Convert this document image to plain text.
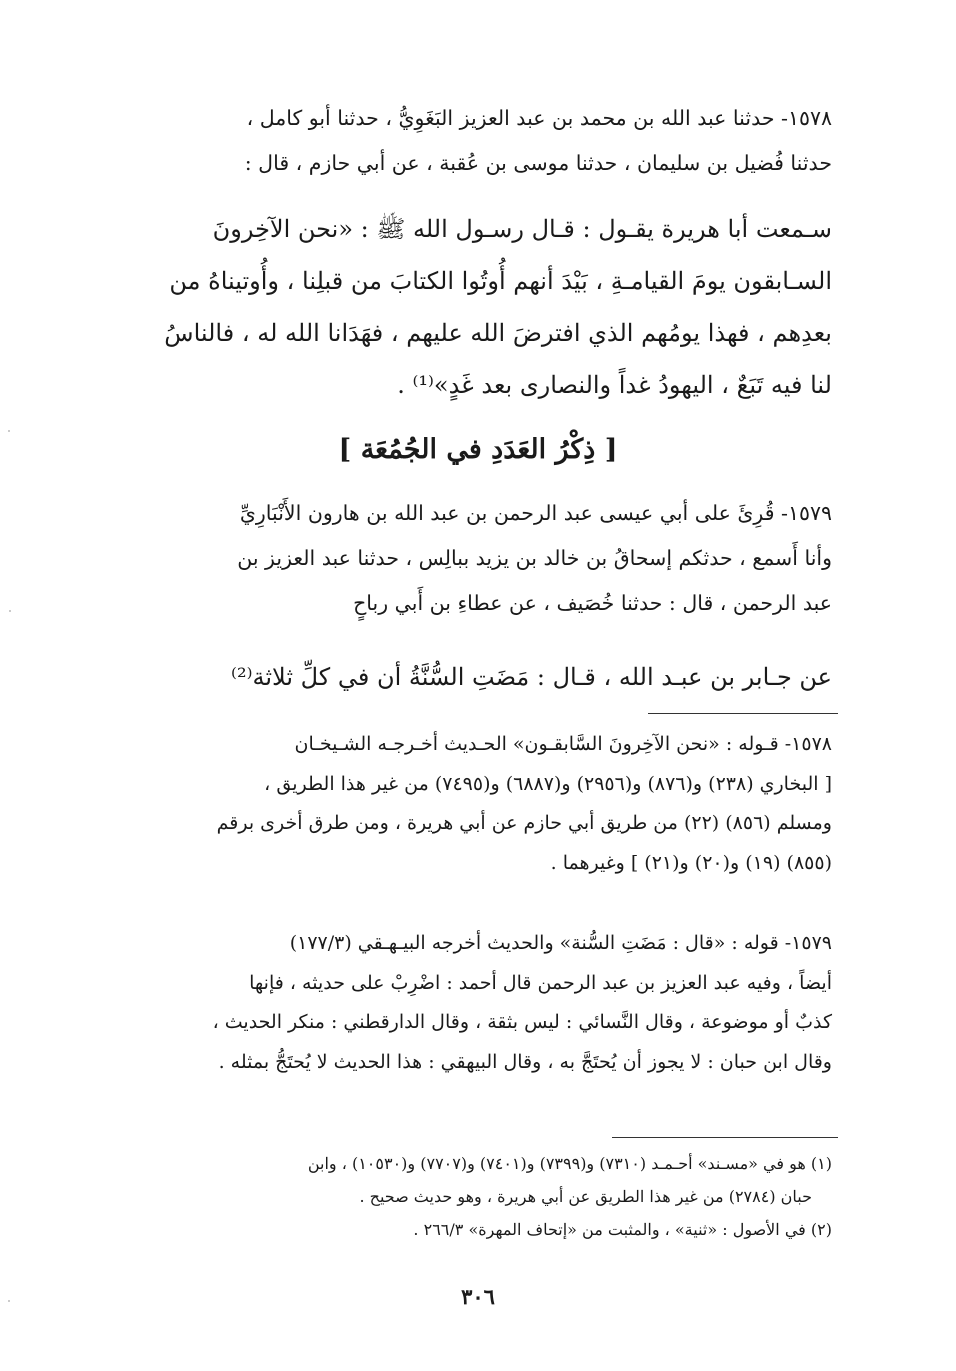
١٥٧٨- حدثنا عبد الله بن محمد بن عبد العزيز البَغَوِيُّ ، حدثنا أبو كامل ،

حدثنا فُضيل بن سليمان ، حدثنا موسى بن عُقبة ، عن أبي حازم ، قال :

سـمعت أبا هريرة يقـول : قـال رسـول الله ﷺ : «نحن الآخِرونَ

السـابقون يومَ القيامـةِ ، بَيْدَ أنهم أُوتُوا الكتابَ من قبلِنا ، وأُوتيناهُ من

بعدِهم ، فهذا يومُهم الذي افترضَ الله عليهم ، فهَدَانا الله له ، فالناسُ

لنا فيه تَبَعٌ ، اليهودُ غداً والنصارى بعد غَدٍ»⁽¹⁾ .

[ ذِكْرُ العَدَدِ في الجُمُعَة ]

١٥٧٩- قُرِئَ على أبي عيسى عبد الرحمن بن عبد الله بن هارون الأَنْبَارِيِّ

وأنا أَسمع ، حدثكم إسحاقُ بن خالد بن يزيد ببالِس ، حدثنا عبد العزيز بن

عبد الرحمن ، قال : حدثنا خُصَيف ، عن عطاءِ بن أَبي رباحٍ

عن جـابر بن عبـد الله ، قـال : مَضَتِ السُّنَّةُ أن في كلِّ ثلاثة⁽²⁾

١٥٧٨- قـوله : «نحن الآخِرونَ السَّابقـون» الحـديث أخـرجـه الشـيخـان

[ البخاري (٢٣٨) و(٨٧٦) و(٢٩٥٦) و(٦٨٨٧) و(٧٤٩٥) من غير هذا الطريق ،

ومسلم (٨٥٦) (٢٢) من طريق أبي حازم عن أبي هريرة ، ومن طرق أخرى برقم

(٨٥٥) (١٩) و(٢٠) و(٢١) ] وغيرهما .

١٥٧٩- قوله : «قال : مَضَتِ السُّنة» والحديث أخرجه البيـهـقي (١٧٧/٣)

أيضاً ، وفيه عبد العزيز بن عبد الرحمن قال أحمد : اضْرِبْ على حديثه ، فإنها

كذبٌ أو موضوعة ، وقال النَّسائي : ليس بثقة ، وقال الدارقطني : منكر الحديث ،

وقال ابن حبان : لا يجوز أن يُحتَجَّ به ، وقال البيهقي : هذا الحديث لا يُحتَجُّ بمثله .

(١) هو في «مسـند» أحـمـد (٧٣١٠) و(٧٣٩٩) و(٧٤٠١) و(٧٧٠٧) و(١٠٥٣٠) ، وابن

حبان (٢٧٨٤) من غير هذا الطريق عن أبي هريرة ، وهو حديث صحيح .

(٢) في الأصول : «ثنية» ، والمثبت من «إتحاف المهرة» ٢٦٦/٣ .

٣٠٦
